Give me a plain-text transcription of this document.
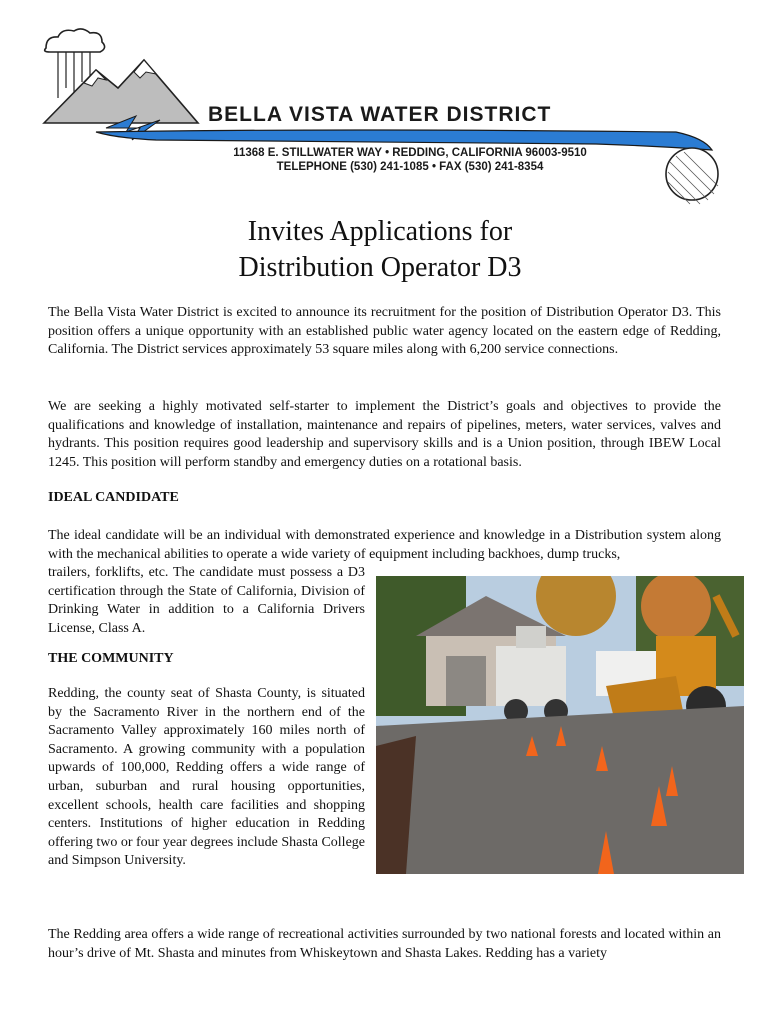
BELLA VISTA WATER DISTRICT
11368 E. STILLWATER WAY • REDDING, CALIFORNIA 96003-9510
TELEPHONE (530) 241-1085 • FAX (530) 241-8354
Invites Applications for
Distribution Operator D3

The Bella Vista Water District is excited to announce its recruitment for the position of Distribution Operator D3. This position offers a unique opportunity with an established public water agency located on the eastern edge of Redding, California. The District services approximately 53 square miles along with 6,200 service connections.

We are seeking a highly motivated self-starter to implement the District’s goals and objectives to provide the qualifications and knowledge of installation, maintenance and repairs of pipelines, meters, water services, valves and hydrants. This position requires good leadership and supervisory skills and is a Union position, through IBEW Local 1245. This position will perform standby and emergency duties on a rotational basis.

IDEAL CANDIDATE

The ideal candidate will be an individual with demonstrated experience and knowledge in a Distribution system along with the mechanical abilities to operate a wide variety of equipment including backhoes, dump trucks,

trailers, forklifts, etc. The candidate must possess a D3 certification through the State of California, Division of Drinking Water in addition to a California Drivers License, Class A.

THE COMMUNITY

Redding, the county seat of Shasta County, is situated by the Sacramento River in the northern end of the Sacramento Valley approximately 160 miles north of Sacramento. A growing community with a population upwards of 100,000, Redding offers a wide range of urban, suburban and rural housing opportunities, excellent schools, health care facilities and shopping centers. Institutions of higher education in Redding offering two or four year degrees include Shasta College and Simpson University.

The Redding area offers a wide range of recreational activities surrounded by two national forests and located within an hour’s drive of Mt. Shasta and minutes from Whiskeytown and Shasta Lakes. Redding has a variety
